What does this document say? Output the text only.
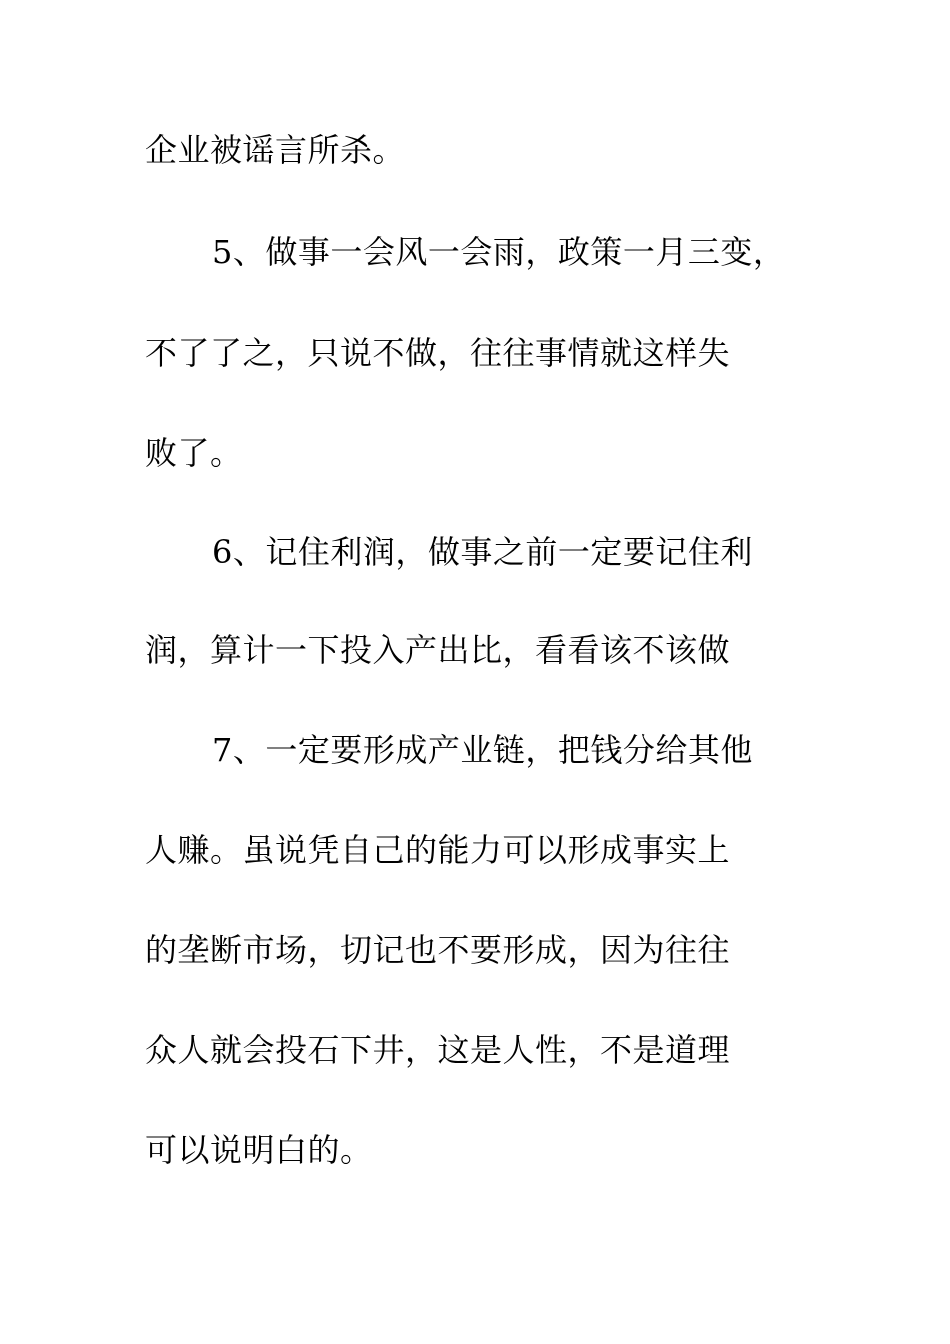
企业被谣言所杀。
5、做事一会风一会雨，政策一月三变，
不了了之，只说不做，往往事情就这样失
败了。
6、记住利润，做事之前一定要记住利
润，算计一下投入产出比，看看该不该做
7、一定要形成产业链，把钱分给其他
人赚。虽说凭自己的能力可以形成事实上
的垄断市场，切记也不要形成，因为往往
众人就会投石下井，这是人性，不是道理
可以说明白的。
